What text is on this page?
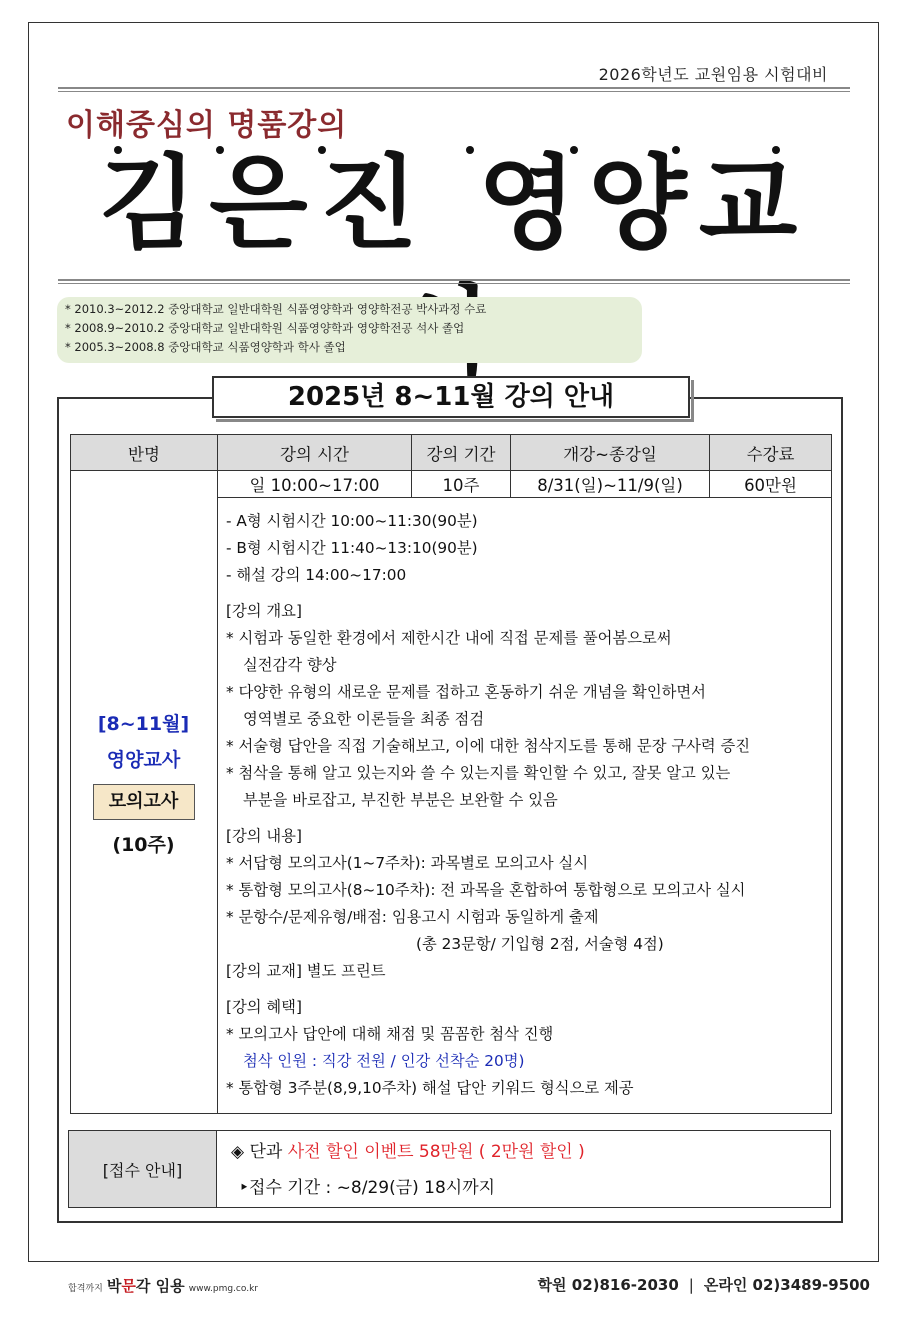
2026학년도 교원임용 시험대비
이해중심의 명품강의
김은진 영양교
* 2010.3~2012.2 중앙대학교 일반대학원 식품영양학과 영양학전공 박사과정 수료
* 2008.9~2010.2 중앙대학교 일반대학원 식품영양학과 영양학전공 석사 졸업
* 2005.3~2008.8 중앙대학교 식품영양학과 학사 졸업
2025년 8~11월 강의 안내
반명	강의 시간	강의 기간	개강~종강일	수강료
일 10:00~17:00	10주	8/31(일)~11/9(일)	60만원
[8~11월]
영양교사
모의고사
(10주)
- A형 시험시간 10:00~11:30(90분)
- B형 시험시간 11:40~13:10(90분)
- 해설 강의 14:00~17:00
[강의 개요]
* 시험과 동일한 환경에서 제한시간 내에 직접 문제를 풀어봄으로써
실전감각 향상
* 다양한 유형의 새로운 문제를 접하고 혼동하기 쉬운 개념을 확인하면서
영역별로 중요한 이론들을 최종 점검
* 서술형 답안을 직접 기술해보고, 이에 대한 첨삭지도를 통해 문장 구사력 증진
* 첨삭을 통해 알고 있는지와 쓸 수 있는지를 확인할 수 있고, 잘못 알고 있는
부분을 바로잡고, 부진한 부분은 보완할 수 있음
[강의 내용]
* 서답형 모의고사(1~7주차): 과목별로 모의고사 실시
* 통합형 모의고사(8~10주차): 전 과목을 혼합하여 통합형으로 모의고사 실시
* 문항수/문제유형/배점: 임용고시 시험과 동일하게 출제
(총 23문항/ 기입형 2점, 서술형 4점)
[강의 교재] 별도 프린트
[강의 혜택]
* 모의고사 답안에 대해 채점 및 꼼꼼한 첨삭 진행
첨삭 인원 : 직강 전원 / 인강 선착순 20명)
* 통합형 3주분(8,9,10주차) 해설 답안 키워드 형식으로 제공
[접수 안내]
◈ 단과 사전 할인 이벤트 58만원 ( 2만원 할인 )
‣접수 기간 : ~8/29(금) 18시까지
합격까지 박문각 임용 www.pmg.co.kr	학원 02)816-2030 | 온라인 02)3489-9500
